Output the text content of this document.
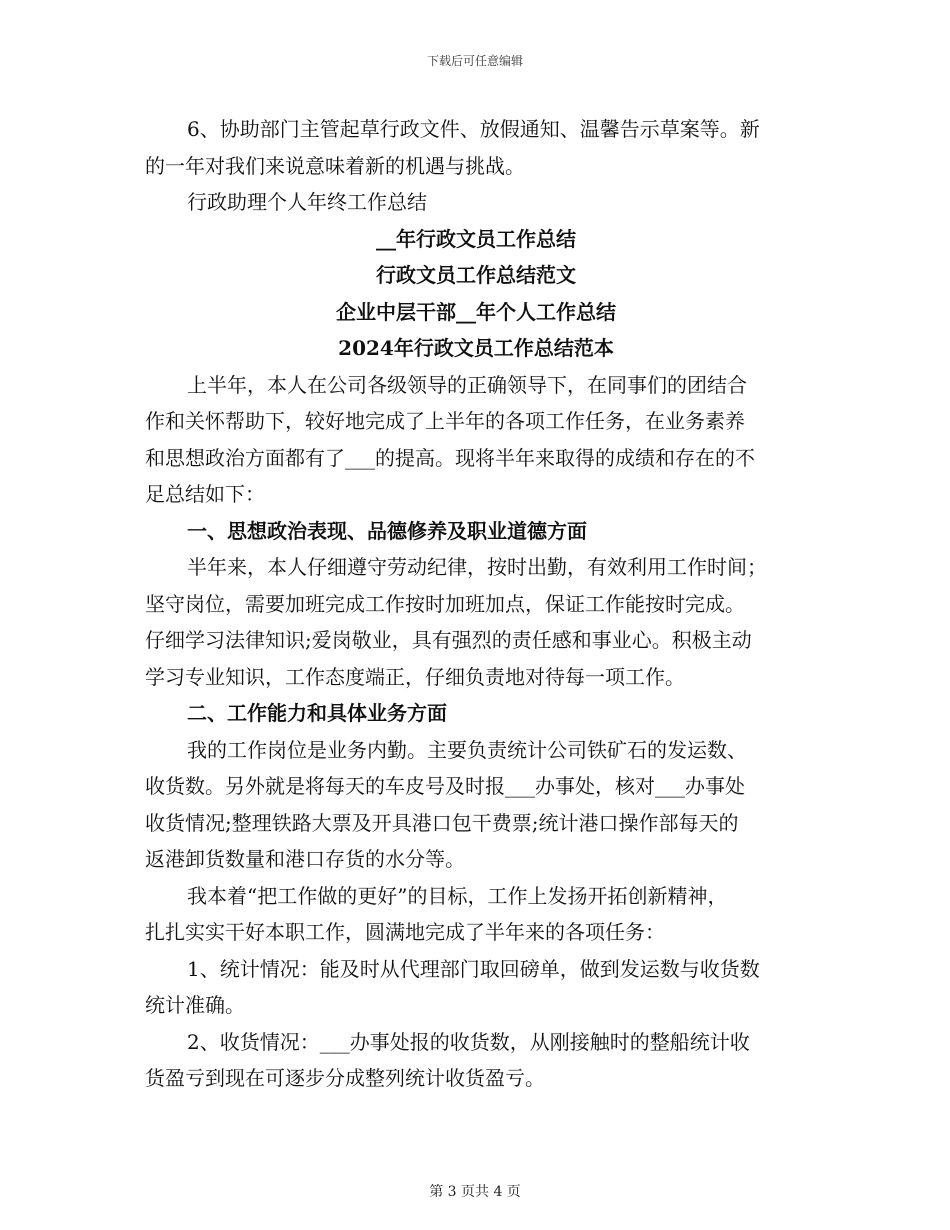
下载后可任意编辑
6、协助部门主管起草行政文件、放假通知、温馨告示草案等。新
的一年对我们来说意味着新的机遇与挑战。
行政助理个人年终工作总结
__年行政文员工作总结
行政文员工作总结范文
企业中层干部__年个人工作总结
2024年行政文员工作总结范本
上半年，本人在公司各级领导的正确领导下，在同事们的团结合
作和关怀帮助下，较好地完成了上半年的各项工作任务，在业务素养
和思想政治方面都有了___的提高。现将半年来取得的成绩和存在的不
足总结如下：
一、思想政治表现、品德修养及职业道德方面
半年来，本人仔细遵守劳动纪律，按时出勤，有效利用工作时间；
坚守岗位，需要加班完成工作按时加班加点，保证工作能按时完成。
仔细学习法律知识;爱岗敬业，具有强烈的责任感和事业心。积极主动
学习专业知识，工作态度端正，仔细负责地对待每一项工作。
二、工作能力和具体业务方面
我的工作岗位是业务内勤。主要负责统计公司铁矿石的发运数、
收货数。另外就是将每天的车皮号及时报___办事处，核对___办事处
收货情况;整理铁路大票及开具港口包干费票;统计港口操作部每天的
返港卸货数量和港口存货的水分等。
我本着“把工作做的更好”的目标，工作上发扬开拓创新精神，
扎扎实实干好本职工作，圆满地完成了半年来的各项任务：
1、统计情况：能及时从代理部门取回磅单，做到发运数与收货数
统计准确。
2、收货情况：___办事处报的收货数，从刚接触时的整船统计收
货盈亏到现在可逐步分成整列统计收货盈亏。
第 3 页共 4 页
